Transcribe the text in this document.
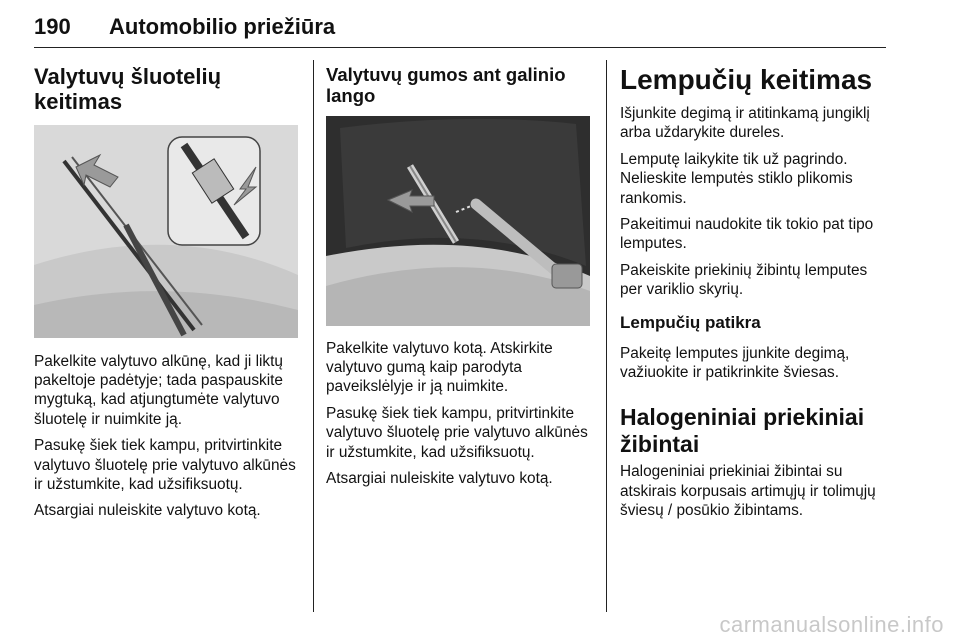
190 Automobilio priežiūra
Valytuvų šluotelių keitimas

Pakelkite valytuvo alkūnę, kad ji liktų pakeltoje padėtyje; tada paspauskite mygtuką, kad atjungtumėte valytuvo šluotelę ir nuimkite ją.

Pasukę šiek tiek kampu, pritvirtinkite valytuvo šluotelę prie valytuvo alkūnės ir užstumkite, kad užsifiksuotų.

Atsargiai nuleiskite valytuvo kotą.

Valytuvų gumos ant galinio lango

Pakelkite valytuvo kotą. Atskirkite valytuvo gumą kaip parodyta paveikslėlyje ir ją nuimkite.

Pasukę šiek tiek kampu, pritvirtinkite valytuvo šluotelę prie valytuvo alkūnės ir užstumkite, kad užsifiksuotų.

Atsargiai nuleiskite valytuvo kotą.

Lempučių keitimas

Išjunkite degimą ir atitinkamą jungiklį arba uždarykite dureles.

Lemputę laikykite tik už pagrindo. Nelieskite lemputės stiklo plikomis rankomis.

Pakeitimui naudokite tik tokio pat tipo lemputes.

Pakeiskite priekinių žibintų lemputes per variklio skyrių.

Lempučių patikra

Pakeitę lemputes įjunkite degimą, važiuokite ir patikrinkite šviesas.

Halogeniniai priekiniai žibintai

Halogeniniai priekiniai žibintai su atskirais korpusais artimųjų ir tolimųjų šviesų / posūkio žibintams.

carmanualsonline.info
